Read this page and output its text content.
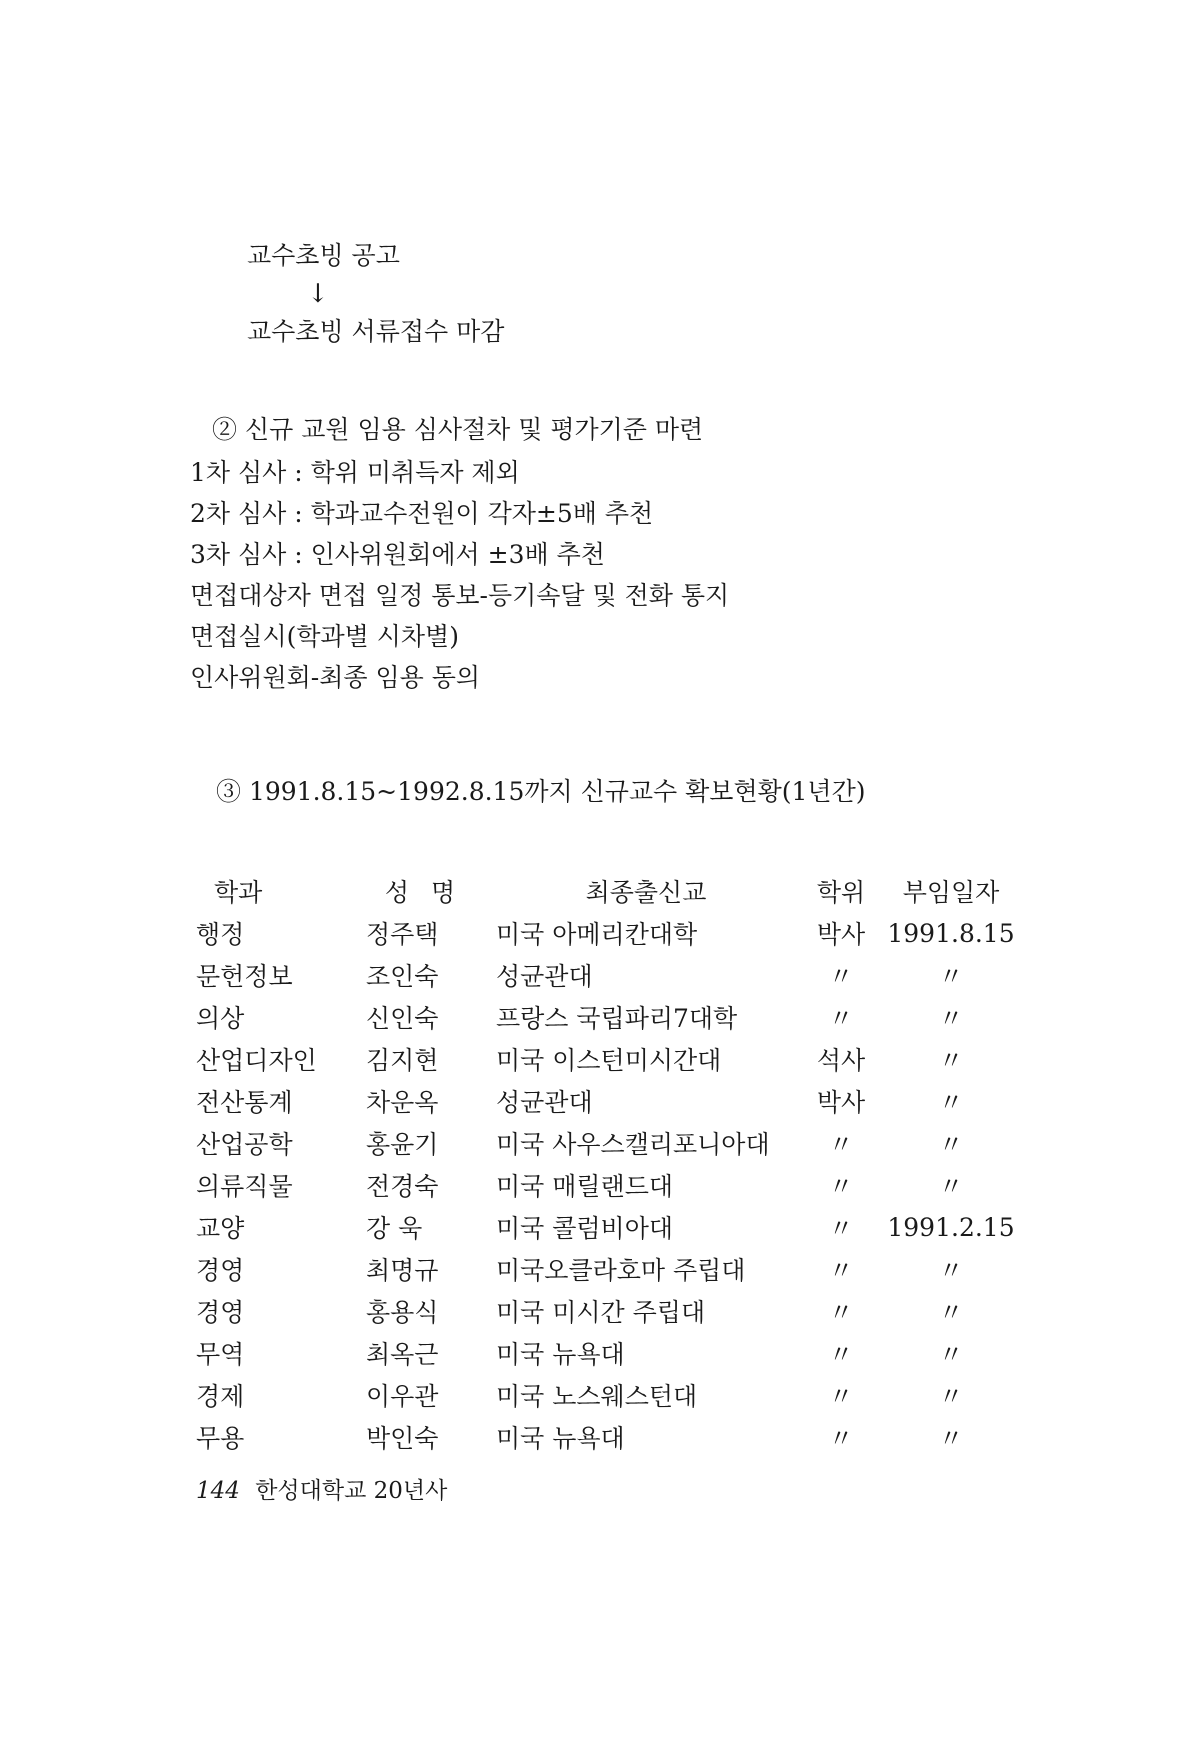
교수초빙 공고
↓
교수초빙 서류접수 마감
② 신규 교원 임용 심사절차 및 평가기준 마련
1차 심사 : 학위 미취득자 제외
2차 심사 : 학과교수전원이 각자±5배 추천
3차 심사 : 인사위원회에서 ±3배 추천
면접대상자 면접 일정 통보-등기속달 및 전화 통지
면접실시(학과별 시차별)
인사위원회-최종 임용 동의
③ 1991.8.15~1992.8.15까지 신규교수 확보현황(1년간)
학과	성명	최종출신교	학위	부임일자
행정	정주택	미국 아메리칸대학	박사	1991.8.15
문헌정보	조인숙	성균관대	〃	〃
의상	신인숙	프랑스 국립파리7대학	〃	〃
산업디자인	김지현	미국 이스턴미시간대	석사	〃
전산통계	차운옥	성균관대	박사	〃
산업공학	홍윤기	미국 사우스캘리포니아대	〃	〃
의류직물	전경숙	미국 매릴랜드대	〃	〃
교양	강 욱	미국 콜럼비아대	〃	1991.2.15
경영	최명규	미국오클라호마 주립대	〃	〃
경영	홍용식	미국 미시간 주립대	〃	〃
무역	최옥근	미국 뉴욕대	〃	〃
경제	이우관	미국 노스웨스턴대	〃	〃
무용	박인숙	미국 뉴욕대	〃	〃
144 한성대학교 20년사
